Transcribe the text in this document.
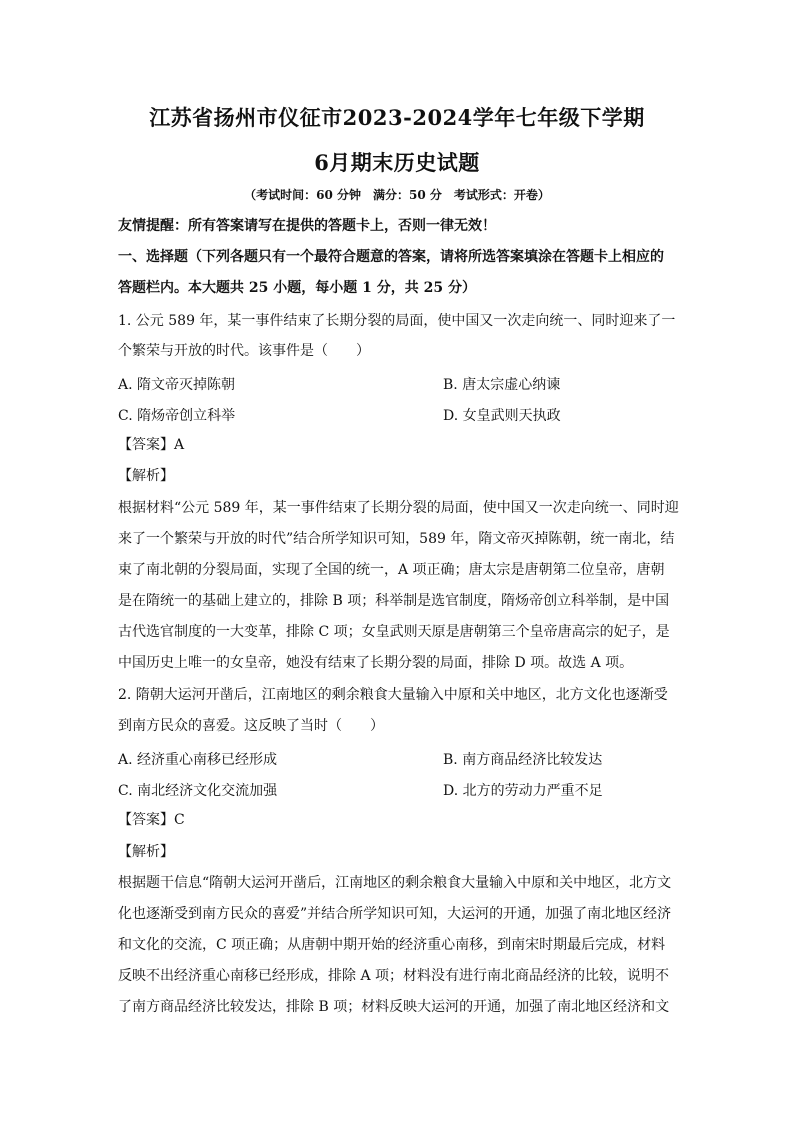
江苏省扬州市仪征市2023-2024学年七年级下学期
6月期末历史试题
（考试时间：60 分钟　满分：50 分　考试形式：开卷）
友情提醒：所有答案请写在提供的答题卡上，否则一律无效！
一、选择题（下列各题只有一个最符合题意的答案，请将所选答案填涂在答题卡上相应的
答题栏内。本大题共 25 小题，每小题 1 分，共 25 分）
1. 公元 589 年，某一事件结束了长期分裂的局面，使中国又一次走向统一、同时迎来了一
个繁荣与开放的时代。该事件是（　　）
A. 隋文帝灭掉陈朝	B. 唐太宗虚心纳谏
C. 隋炀帝创立科举	D. 女皇武则天执政
【答案】A
【解析】
根据材料“公元 589 年，某一事件结束了长期分裂的局面，使中国又一次走向统一、同时迎
来了一个繁荣与开放的时代”结合所学知识可知，589 年，隋文帝灭掉陈朝，统一南北，结
束了南北朝的分裂局面，实现了全国的统一，A 项正确；唐太宗是唐朝第二位皇帝，唐朝
是在隋统一的基础上建立的，排除 B 项；科举制是选官制度，隋炀帝创立科举制，是中国
古代选官制度的一大变革，排除 C 项；女皇武则天原是唐朝第三个皇帝唐高宗的妃子，是
中国历史上唯一的女皇帝，她没有结束了长期分裂的局面，排除 D 项。故选 A 项。
2. 隋朝大运河开凿后，江南地区的剩余粮食大量输入中原和关中地区，北方文化也逐渐受
到南方民众的喜爱。这反映了当时（　　）
A. 经济重心南移已经形成	B. 南方商品经济比较发达
C. 南北经济文化交流加强	D. 北方的劳动力严重不足
【答案】C
【解析】
根据题干信息“隋朝大运河开凿后，江南地区的剩余粮食大量输入中原和关中地区，北方文
化也逐渐受到南方民众的喜爱”并结合所学知识可知，大运河的开通，加强了南北地区经济
和文化的交流，C 项正确；从唐朝中期开始的经济重心南移，到南宋时期最后完成，材料
反映不出经济重心南移已经形成，排除 A 项；材料没有进行南北商品经济的比较，说明不
了南方商品经济比较发达，排除 B 项；材料反映大运河的开通，加强了南北地区经济和文
